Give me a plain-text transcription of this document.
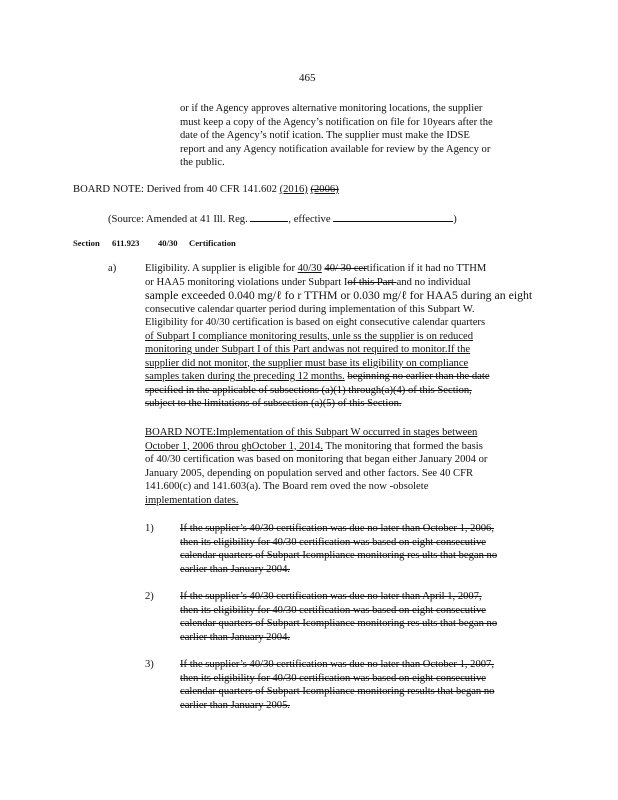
465
or if the Agency approves alternative monitoring locations, the supplier
must keep a copy of the Agency’s notification on file for 10years after the
date of the Agency’s notif ication. The supplier must make the IDSE
report and any Agency notification available for review by the Agency or
the public.
BOARD NOTE: Derived from 40 CFR 141.602 (2016) (2006)
(Source: Amended at 41 Ill. Reg.	, effective	)
Section 611.923 40/30 Certification
a)	Eligibility. A supplier is eligible for 40/30 40/ 30 certification if it had no TTHM
or HAA5 monitoring violations under Subpart Iof this Part and no individual
sample exceeded 0.040 mg/ℓ fo r TTHM or 0.030 mg/ℓ for HAA5 during an eight
consecutive calendar quarter period during implementation of this Subpart W.
Eligibility for 40/30 certification is based on eight consecutive calendar quarters
of Subpart I compliance monitoring results, unle ss the supplier is on reduced
monitoring under Subpart I of this Part andwas not required to monitor.If the
supplier did not monitor, the supplier must base its eligibility on compliance
samples taken during the preceding 12 months. beginning no earlier than the date
specified in the applicable of subsections (a)(1) through(a)(4) of this Section,
subject to the limitations of subsection (a)(5) of this Section.
BOARD NOTE:Implementation of this Subpart W occurred in stages between
October 1, 2006 throu ghOctober 1, 2014. The monitoring that formed the basis
of 40/30 certification was based on monitoring that began either January 2004 or
January 2005, depending on population served and other factors. See 40 CFR
141.600(c) and 141.603(a). The Board rem oved the now -obsolete
implementation dates.
1) If the supplier’s 40/30 certification was due no later than October 1, 2006,
then its eligibility for 40/30 certification was based on eight consecutive
calendar quarters of Subpart Icompliance monitoring res ults that began no
earlier than January 2004.
2) If the supplier’s 40/30 certification was due no later than April 1, 2007,
then its eligibility for 40/30 certification was based on eight consecutive
calendar quarters of Subpart Icompliance monitoring res ults that began no
earlier than January 2004.
3) If the supplier’s 40/30 certification was due no later than October 1, 2007,
then its eligibility for 40/30 certification was based on eight consecutive
calendar quarters of Subpart Icompliance monitoring results that began no
earlier than January 2005.
